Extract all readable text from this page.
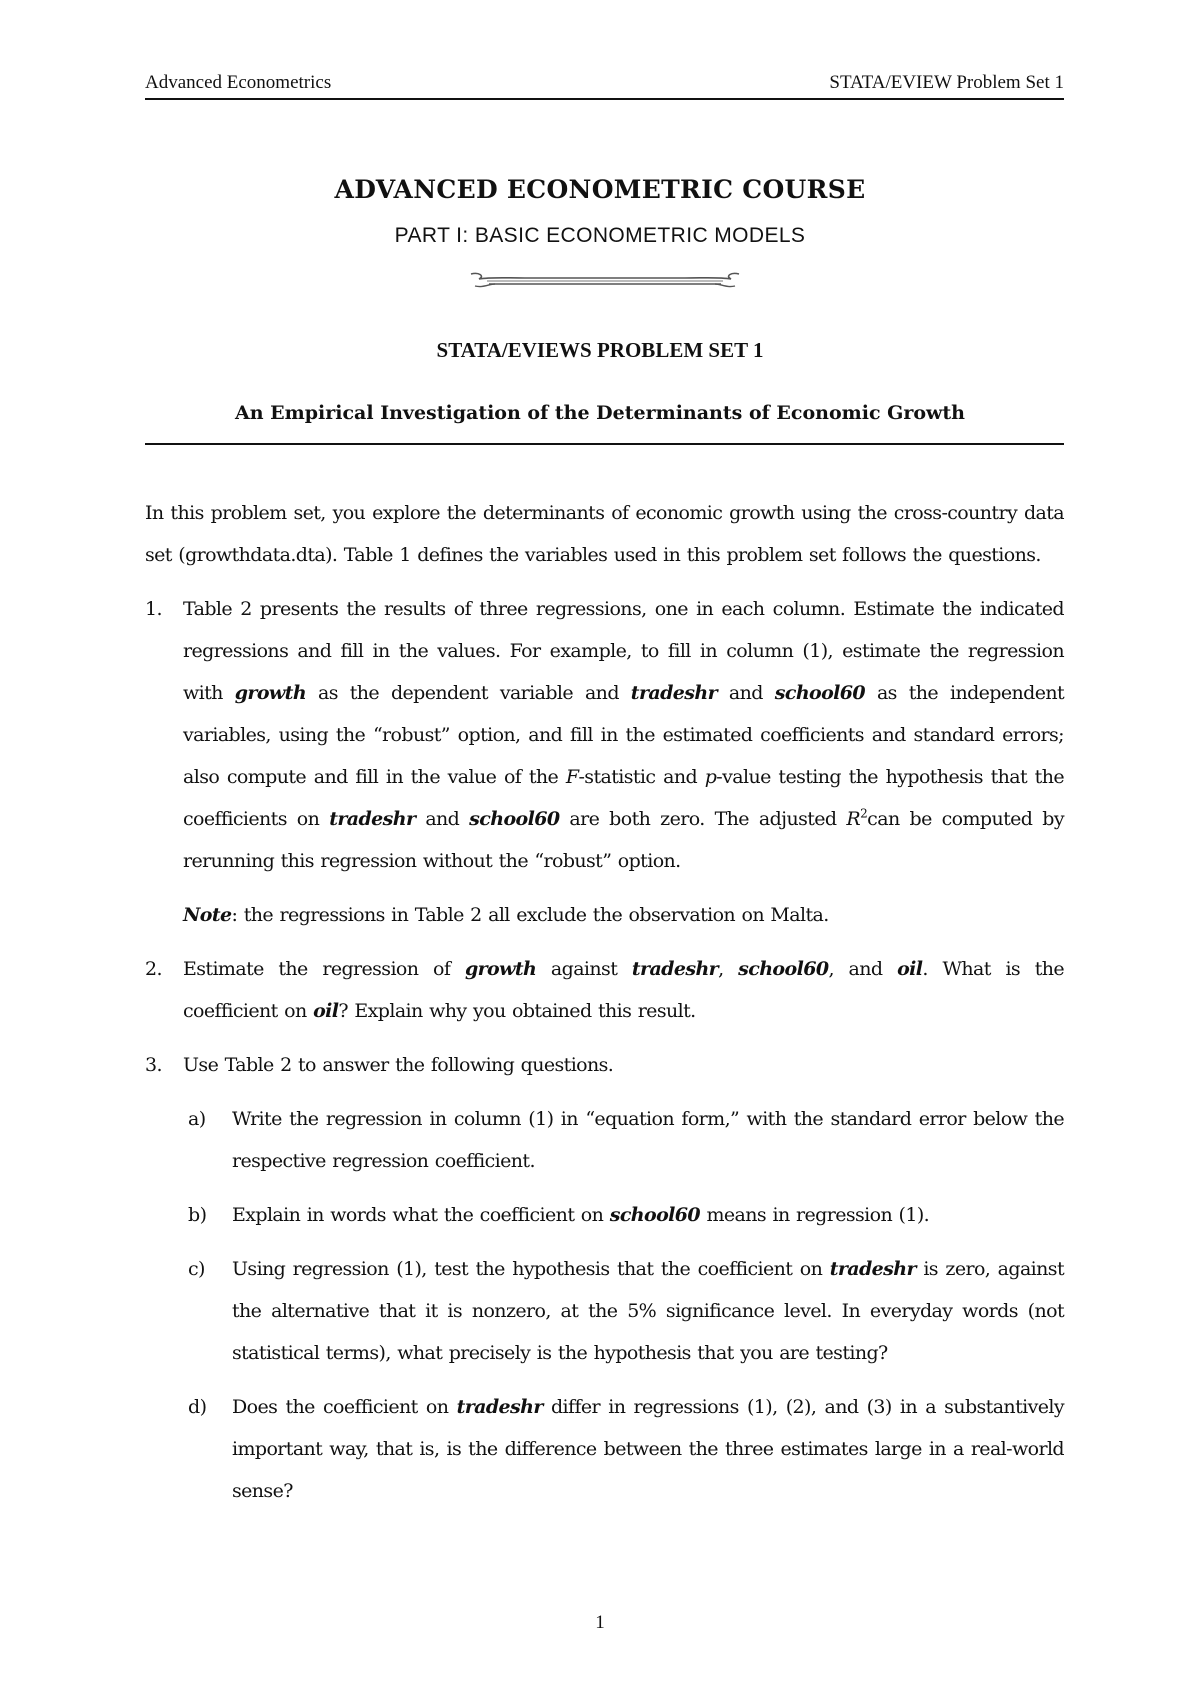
Advanced Econometrics	STATA/EVIEW Problem Set 1
ADVANCED ECONOMETRIC COURSE
PART I: BASIC ECONOMETRIC MODELS
STATA/EVIEWS PROBLEM SET 1
An Empirical Investigation of the Determinants of Economic Growth

In this problem set, you explore the determinants of economic growth using the cross-country data set (growthdata.dta). Table 1 defines the variables used in this problem set follows the questions.

1. Table 2 presents the results of three regressions, one in each column. Estimate the indicated regressions and fill in the values. For example, to fill in column (1), estimate the regression with growth as the dependent variable and tradeshr and school60 as the independent variables, using the “robust” option, and fill in the estimated coefficients and standard errors; also compute and fill in the value of the F-statistic and p-value testing the hypothesis that the coefficients on tradeshr and school60 are both zero. The adjusted $R^2can$ be computed by rerunning this regression without the “robust” option.
Note: the regressions in Table 2 all exclude the observation on Malta.
2. Estimate the regression of growth against tradeshr, school60, and oil. What is the coefficient on oil? Explain why you obtained this result.
3. Use Table 2 to answer the following questions.
a) Write the regression in column (1) in “equation form,” with the standard error below the respective regression coefficient.
b) Explain in words what the coefficient on school60 means in regression (1).
c) Using regression (1), test the hypothesis that the coefficient on tradeshr is zero, against the alternative that it is nonzero, at the 5% significance level. In everyday words (not statistical terms), what precisely is the hypothesis that you are testing?
d) Does the coefficient on tradeshr differ in regressions (1), (2), and (3) in a substantively important way, that is, is the difference between the three estimates large in a real-world sense?
1
